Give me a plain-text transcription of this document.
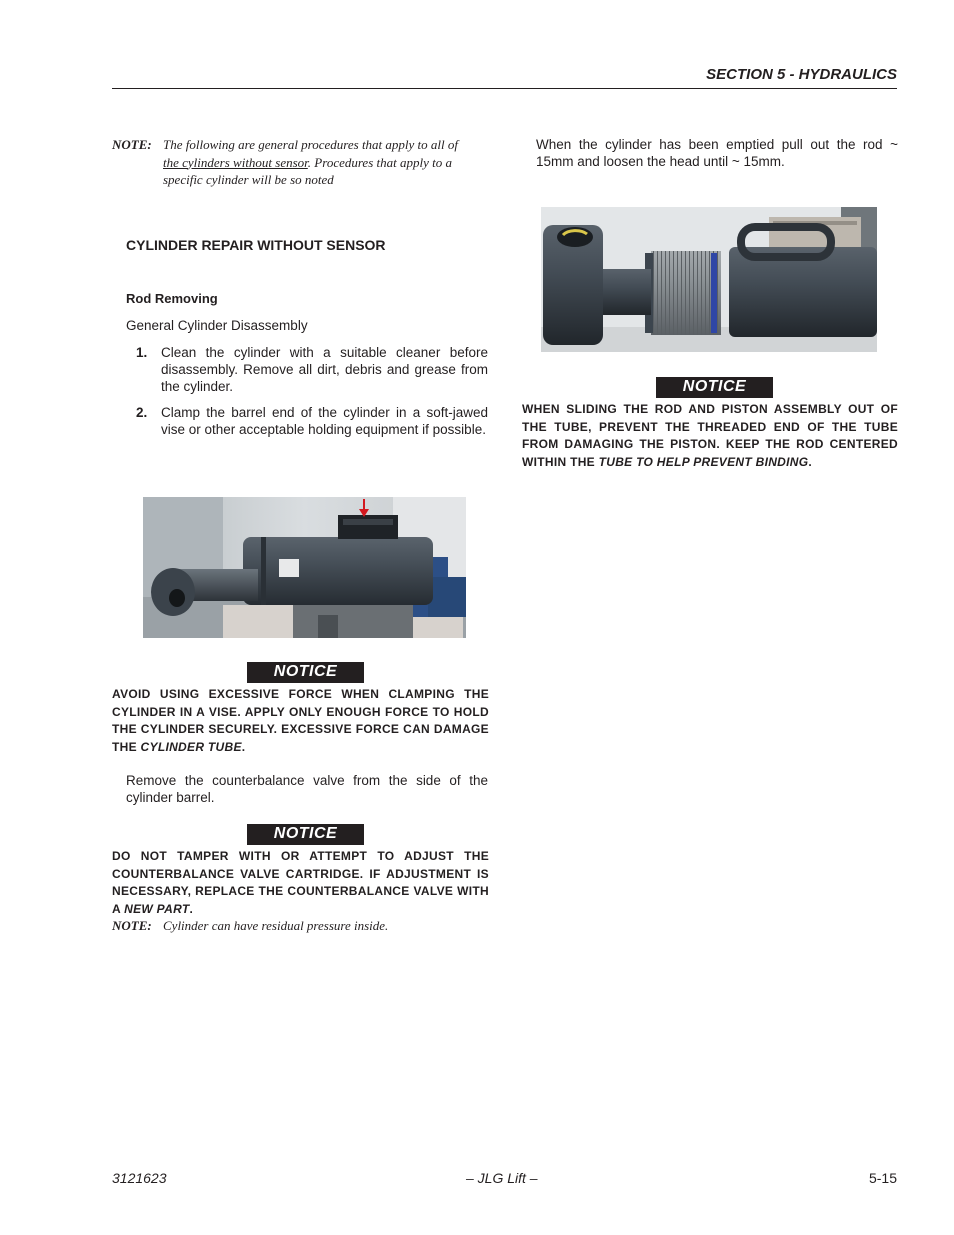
SECTION 5 - HYDRAULICS
NOTE: The following are general procedures that apply to all of
the cylinders without sensor. Procedures that apply to a
specific cylinder will be so noted
CYLINDER REPAIR WITHOUT SENSOR
Rod Removing
General Cylinder Disassembly
1. Clean the cylinder with a suitable cleaner before disassembly. Remove all dirt, debris and grease from the cylinder.
2. Clamp the barrel end of the cylinder in a soft-jawed vise or other acceptable holding equipment if possible.
NOTICE
AVOID USING EXCESSIVE FORCE WHEN CLAMPING THE CYLINDER IN A VISE. APPLY ONLY ENOUGH FORCE TO HOLD THE CYLINDER SECURELY. EXCESSIVE FORCE CAN DAMAGE THE CYLINDER TUBE.
Remove the counterbalance valve from the side of the cylinder barrel.
NOTICE
DO NOT TAMPER WITH OR ATTEMPT TO ADJUST THE COUNTERBALANCE VALVE CARTRIDGE. IF ADJUSTMENT IS NECESSARY, REPLACE THE COUNTERBALANCE VALVE WITH A NEW PART.
NOTE: Cylinder can have residual pressure inside.
When the cylinder has been emptied pull out the rod ~ 15mm and loosen the head until ~ 15mm.
NOTICE
WHEN SLIDING THE ROD AND PISTON ASSEMBLY OUT OF THE TUBE, PREVENT THE THREADED END OF THE TUBE FROM DAMAGING THE PISTON. KEEP THE ROD CENTERED WITHIN THE TUBE TO HELP PREVENT BINDING.
3121623	– JLG Lift –	5-15
